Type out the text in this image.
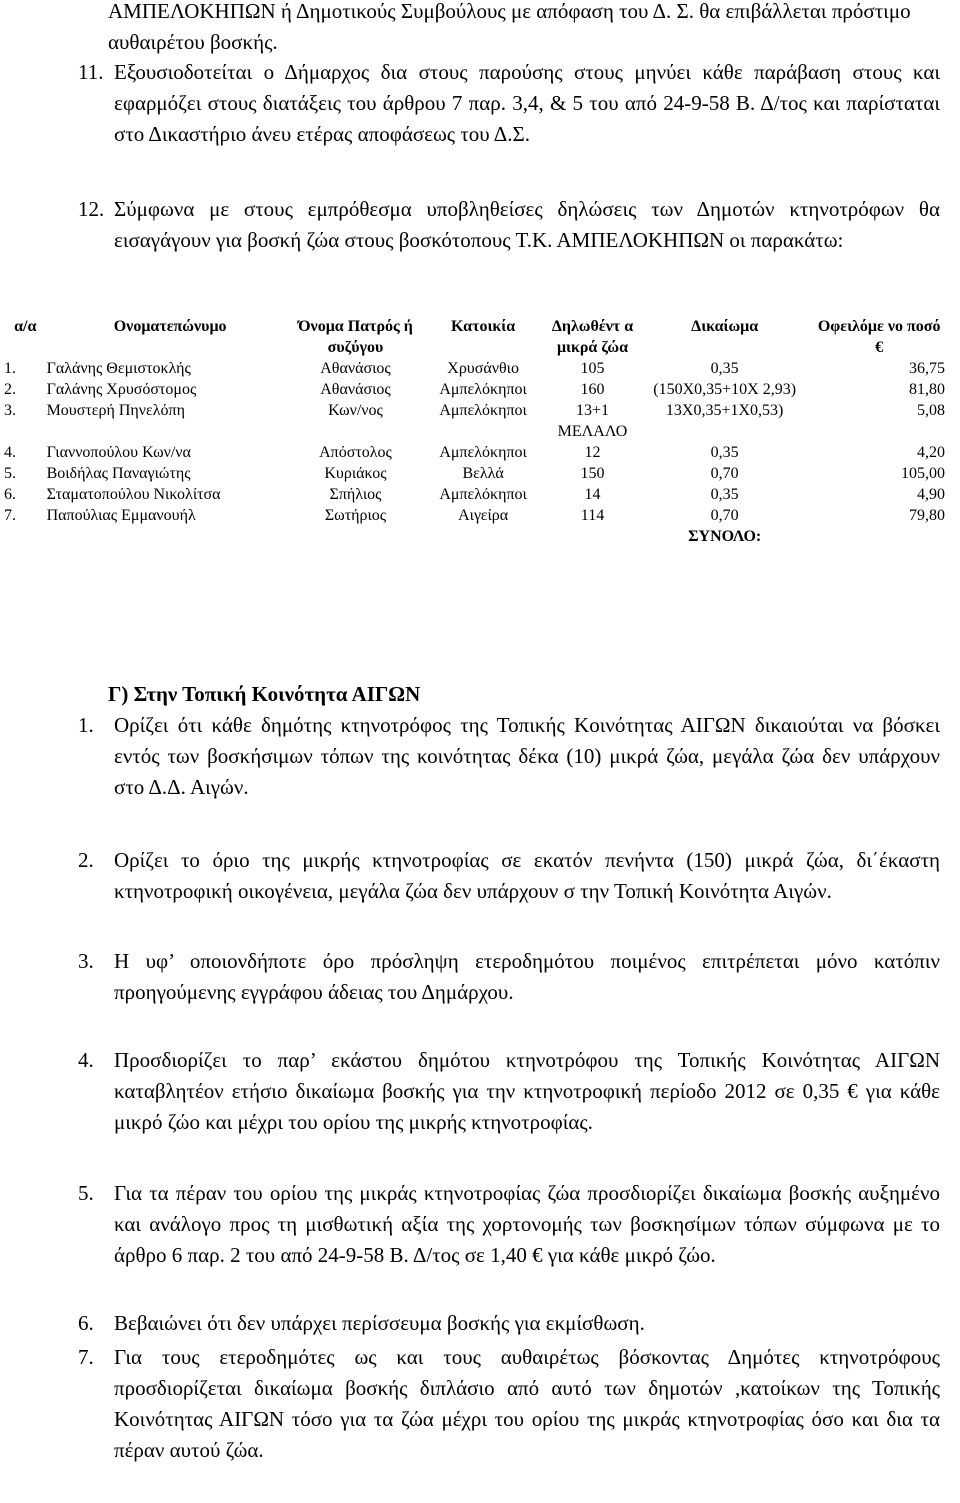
ΑΜΠΕΛΟΚΗΠΩΝ ή Δημοτικούς Συμβούλους με απόφαση του Δ. Σ. θα επιβάλλεται πρόστιμο αυθαιρέτου βοσκής.

11. Εξουσιοδοτείται ο Δήμαρχος δια στους παρούσης στους μηνύει κάθε παράβαση στους και εφαρμόζει στους διατάξεις του άρθρου 7 παρ. 3,4, & 5 του από 24-9-58 Β. Δ/τος και παρίσταται στο Δικαστήριο άνευ ετέρας αποφάσεως του Δ.Σ.
12. Σύμφωνα με στους εμπρόθεσμα υποβληθείσες δηλώσεις των Δημοτών κτηνοτρόφων θα εισαγάγουν για βοσκή ζώα στους βοσκότοπους Τ.Κ. ΑΜΠΕΛΟΚΗΠΩΝ οι παρακάτω:
α/α	Ονοματεπώνυμο	Όνομα Πατρός ή συζύγου	Κατοικία	Δηλωθέντ α μικρά ζώα	Δικαίωμα	Οφειλόμε νο ποσό €
1.	Γαλάνης Θεμιστοκλής	Αθανάσιος	Χρυσάνθιο	105	0,35	36,75
2.	Γαλάνης Χρυσόστομος	Αθανάσιος	Αμπελόκηποι	160	(150Χ0,35+10Χ 2,93)	81,80
3.	Μουστερή Πηνελόπη	Κων/νος	Αμπελόκηποι	13+1 ΜΕΛΑΛΟ	13Χ0,35+1Χ0,53)	5,08
4.	Γιαννοπούλου Κων/να	Απόστολος	Αμπελόκηποι	12	0,35	4,20
5.	Βοιδήλας Παναγιώτης	Κυριάκος	Βελλά	150	0,70	105,00
6.	Σταματοπούλου Νικολίτσα	Σπήλιος	Αμπελόκηποι	14	0,35	4,90
7.	Παπούλιας Εμμανουήλ	Σωτήριος	Αιγείρα	114	0,70	79,80
					ΣΥΝΟΛΟ:	
Γ) Στην Τοπική Κοινότητα ΑΙΓΩΝ
1. Ορίζει ότι κάθε δημότης κτηνοτρόφος της Τοπικής Κοινότητας ΑΙΓΩΝ δικαιούται να βόσκει εντός των βοσκήσιμων τόπων της κοινότητας δέκα (10) μικρά ζώα, μεγάλα ζώα δεν υπάρχουν στο Δ.Δ. Αιγών.
2. Ορίζει το όριο της μικρής κτηνοτροφίας σε εκατόν πενήντα (150) μικρά ζώα, δι΄έκαστη κτηνοτροφική οικογένεια, μεγάλα ζώα δεν υπάρχουν σ την Τοπική Κοινότητα Αιγών.
3. Η υφ’ οποιονδήποτε όρο πρόσληψη ετεροδημότου ποιμένος επιτρέπεται μόνο κατόπιν προηγούμενης εγγράφου άδειας του Δημάρχου.
4. Προσδιορίζει το παρ’ εκάστου δημότου κτηνοτρόφου της Τοπικής Κοινότητας ΑΙΓΩΝ καταβλητέον ετήσιο δικαίωμα βοσκής για την κτηνοτροφική περίοδο 2012 σε 0,35 € για κάθε μικρό ζώο και μέχρι του ορίου της μικρής κτηνοτροφίας.
5. Για τα πέραν του ορίου της μικράς κτηνοτροφίας ζώα προσδιορίζει δικαίωμα βοσκής αυξημένο και ανάλογο προς τη μισθωτική αξία της χορτονομής των βοσκησίμων τόπων σύμφωνα με το άρθρο 6 παρ. 2 του από 24-9-58 Β. Δ/τος σε 1,40 € για κάθε μικρό ζώο.
6. Βεβαιώνει ότι δεν υπάρχει περίσσευμα βοσκής για εκμίσθωση.
7. Για τους ετεροδημότες ως και τους αυθαιρέτως βόσκοντας Δημότες κτηνοτρόφους προσδιορίζεται δικαίωμα βοσκής διπλάσιο από αυτό των δημοτών ,κατοίκων της Τοπικής Κοινότητας ΑΙΓΩΝ τόσο για τα ζώα μέχρι του ορίου της μικράς κτηνοτροφίας όσο και δια τα πέραν αυτού ζώα.
